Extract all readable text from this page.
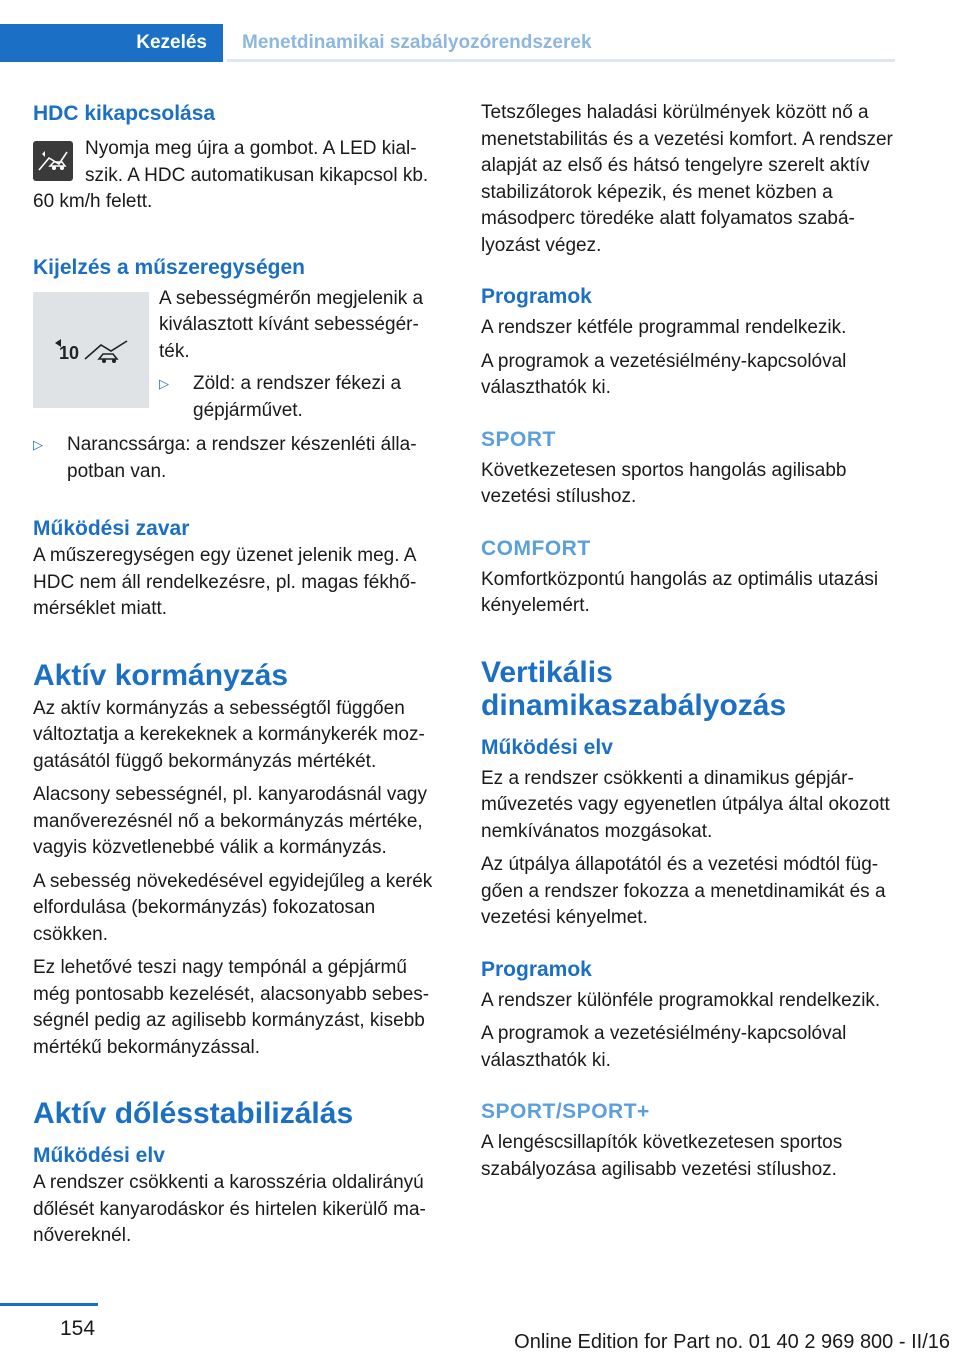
Kezelés	Menetdinamikai szabályozórendszerek
HDC kikapcsolása

Nyomja meg újra a gombot. A LED kial-

szik. A HDC automatikusan kikapcsol kb.

60 km/h felett.

Kijelzés a műszeregységen
10

A sebességmérőn megjelenik a

kiválasztott kívánt sebességér-

ték.

▷ Zöld: a rendszer fékezi a

gépjárművet.

▷ Narancssárga: a rendszer készenléti álla-

potban van.

Működési zavar

A műszeregységen egy üzenet jelenik meg. A HDC nem áll rendelkezésre, pl. magas fékhőmérséklet miatt.

Aktív kormányzás

Az aktív kormányzás a sebességtől függően változtatja a kerekeknek a kormánykerék mozgatásától függő bekormányzás mértékét.

Alacsony sebességnél, pl. kanyarodásnál vagy manőverezésnél nő a bekormányzás mértéke, vagyis közvetlenebbé válik a kormányzás.

A sebesség növekedésével egyidejűleg a kerék elfordulása (bekormányzás) fokozatosan csökken.

Ez lehetővé teszi nagy tempónál a gépjármű még pontosabb kezelését, alacsonyabb sebességnél pedig az agilisebb kormányzást, kisebb mértékű bekormányzással.

Aktív dőlésstabilizálás
Működési elv

A rendszer csökkenti a karosszéria oldalirányú dőlését kanyarodáskor és hirtelen kikerülő manővereknél.

Tetszőleges haladási körülmények között nő a menetstabilitás és a vezetési komfort. A rendszer alapját az első és hátsó tengelyre szerelt aktív stabilizátorok képezik, és menet közben a másodperc töredéke alatt folyamatos szabályozást végez.

Programok

A rendszer kétféle programmal rendelkezik.

A programok a vezetésiélmény-kapcsolóval választhatók ki.

SPORT

Következetesen sportos hangolás agilisabb vezetési stílushoz.

COMFORT

Komfortközpontú hangolás az optimális utazási kényelemért.

Vertikális
dinamikaszabályozás
Működési elv

Ez a rendszer csökkenti a dinamikus gépjárművezetés vagy egyenetlen útpálya által okozott nemkívánatos mozgásokat.

Az útpálya állapotától és a vezetési módtól függően a rendszer fokozza a menetdinamikát és a vezetési kényelmet.

Programok

A rendszer különféle programokkal rendelkezik.

A programok a vezetésiélmény-kapcsolóval választhatók ki.

SPORT/SPORT+

A lengéscsillapítók következetesen sportos szabályozása agilisabb vezetési stílushoz.

154
Online Edition for Part no. 01 40 2 969 800 - II/16
